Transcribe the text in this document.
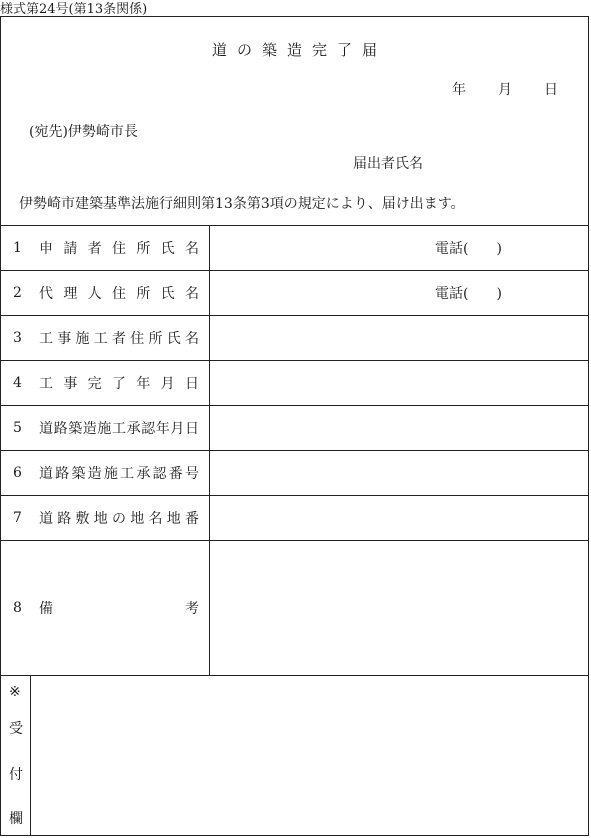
様式第24号(第13条関係)
道の築造完了届
年	月	日
(宛先)伊勢崎市長
届出者氏名
伊勢崎市建築基準法施行細則第13条第3項の規定により、届け出ます。
1 申 請 者 住 所 氏 名	電話(　　)
2 代 理 人 住 所 氏 名	電話(　　)
3 工 事 施 工 者 住 所 氏 名
4 工 事 完 了 年 月 日
5 道 路 築 造 施 工 承 認 年 月 日
6 道 路 築 造 施 工 承 認 番 号
7 道 路 敷 地 の 地 名 地 番
8 備	考
※
受
付
欄
